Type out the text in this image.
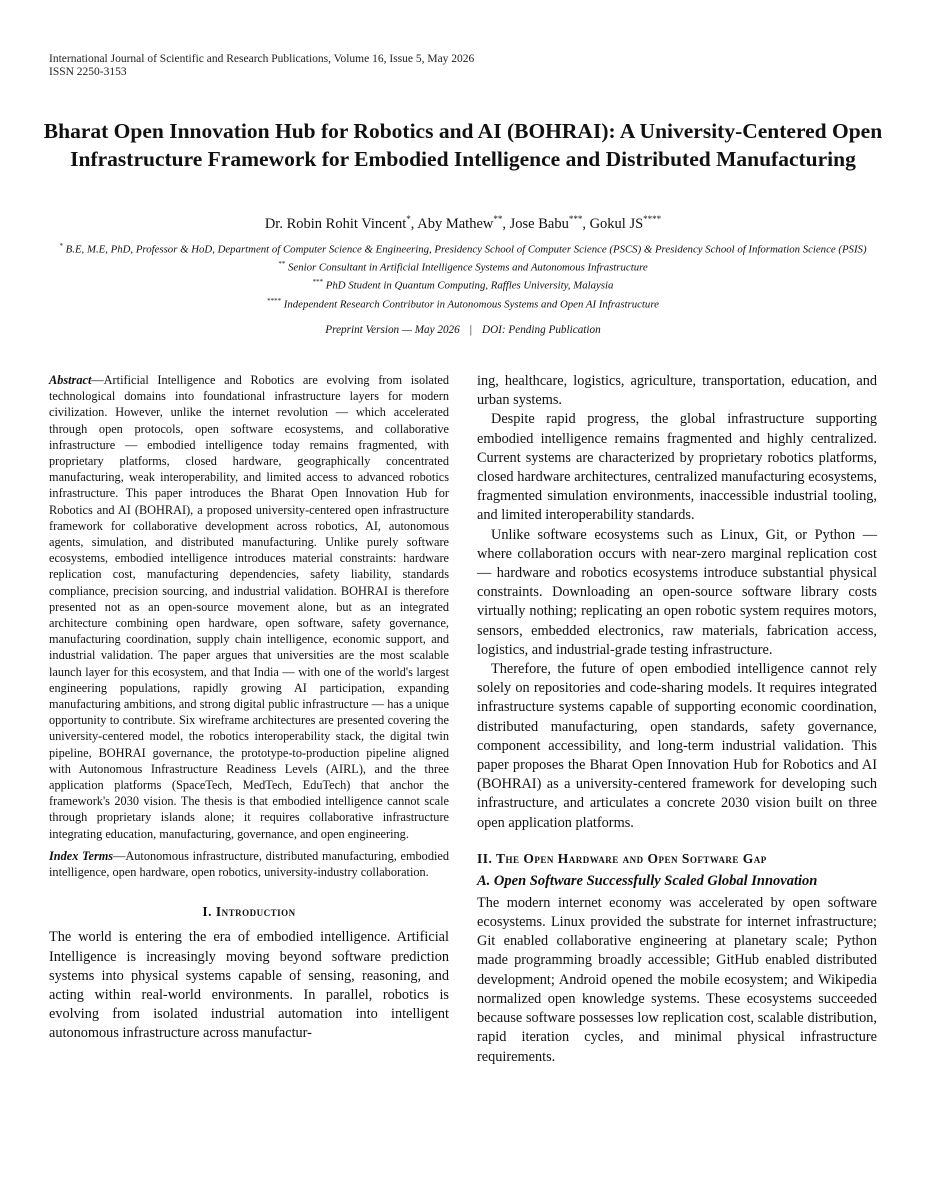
International Journal of Scientific and Research Publications, Volume 16, Issue 5, May 2026
ISSN 2250-3153
Bharat Open Innovation Hub for Robotics and AI (BOHRAI): A University-Centered Open Infrastructure Framework for Embodied Intelligence and Distributed Manufacturing
Dr. Robin Rohit Vincent*, Aby Mathew**, Jose Babu***, Gokul JS****
* B.E, M.E, PhD, Professor & HoD, Department of Computer Science & Engineering, Presidency School of Computer Science (PSCS) & Presidency School of Information Science (PSIS)
** Senior Consultant in Artificial Intelligence Systems and Autonomous Infrastructure
*** PhD Student in Quantum Computing, Raffles University, Malaysia
**** Independent Research Contributor in Autonomous Systems and Open AI Infrastructure
Preprint Version — May 2026 | DOI: Pending Publication

Abstract—Artificial Intelligence and Robotics are evolving from isolated technological domains into foundational infrastructure layers for modern civilization. However, unlike the internet revolution — which accelerated through open protocols, open software ecosystems, and collaborative infrastructure — embodied intelligence today remains fragmented, with proprietary platforms, closed hardware, geographically concentrated manufacturing, weak interoperability, and limited access to advanced robotics infrastructure. This paper introduces the Bharat Open Innovation Hub for Robotics and AI (BOHRAI), a proposed university-centered open infrastructure framework for collaborative development across robotics, AI, autonomous agents, simulation, and distributed manufacturing. Unlike purely software ecosystems, embodied intelligence introduces material constraints: hardware replication cost, manufacturing dependencies, safety liability, standards compliance, precision sourcing, and industrial validation. BOHRAI is therefore presented not as an open-source movement alone, but as an integrated architecture combining open hardware, open software, safety governance, manufacturing coordination, supply chain intelligence, economic support, and industrial validation. The paper argues that universities are the most scalable launch layer for this ecosystem, and that India — with one of the world's largest engineering populations, rapidly growing AI participation, expanding manufacturing ambitions, and strong digital public infrastructure — has a unique opportunity to contribute. Six wireframe architectures are presented covering the university-centered model, the robotics interoperability stack, the digital twin pipeline, BOHRAI governance, the prototype-to-production pipeline aligned with Autonomous Infrastructure Readiness Levels (AIRL), and the three application platforms (SpaceTech, MedTech, EduTech) that anchor the framework's 2030 vision. The thesis is that embodied intelligence cannot scale through proprietary islands alone; it requires collaborative infrastructure integrating education, manufacturing, governance, and open engineering.

Index Terms—Autonomous infrastructure, distributed manufacturing, embodied intelligence, open hardware, open robotics, university-industry collaboration.

I. Introduction

The world is entering the era of embodied intelligence. Artificial Intelligence is increasingly moving beyond software prediction systems into physical systems capable of sensing, reasoning, and acting within real-world environments. In parallel, robotics is evolving from isolated industrial automation into intelligent autonomous infrastructure across manufactur-

ing, healthcare, logistics, agriculture, transportation, education, and urban systems.

Despite rapid progress, the global infrastructure supporting embodied intelligence remains fragmented and highly centralized. Current systems are characterized by proprietary robotics platforms, closed hardware architectures, centralized manufacturing ecosystems, fragmented simulation environments, inaccessible industrial tooling, and limited interoperability standards.

Unlike software ecosystems such as Linux, Git, or Python — where collaboration occurs with near-zero marginal replication cost — hardware and robotics ecosystems introduce substantial physical constraints. Downloading an open-source software library costs virtually nothing; replicating an open robotic system requires motors, sensors, embedded electronics, raw materials, fabrication access, logistics, and industrial-grade testing infrastructure.

Therefore, the future of open embodied intelligence cannot rely solely on repositories and code-sharing models. It requires integrated infrastructure systems capable of supporting economic coordination, distributed manufacturing, open standards, safety governance, component accessibility, and long-term industrial validation. This paper proposes the Bharat Open Innovation Hub for Robotics and AI (BOHRAI) as a university-centered framework for developing such infrastructure, and articulates a concrete 2030 vision built on three open application platforms.

II. The Open Hardware and Open Software Gap
A. Open Software Successfully Scaled Global Innovation

The modern internet economy was accelerated by open software ecosystems. Linux provided the substrate for internet infrastructure; Git enabled collaborative engineering at planetary scale; Python made programming broadly accessible; GitHub enabled distributed development; Android opened the mobile ecosystem; and Wikipedia normalized open knowledge systems. These ecosystems succeeded because software possesses low replication cost, scalable distribution, rapid iteration cycles, and minimal physical infrastructure requirements.
